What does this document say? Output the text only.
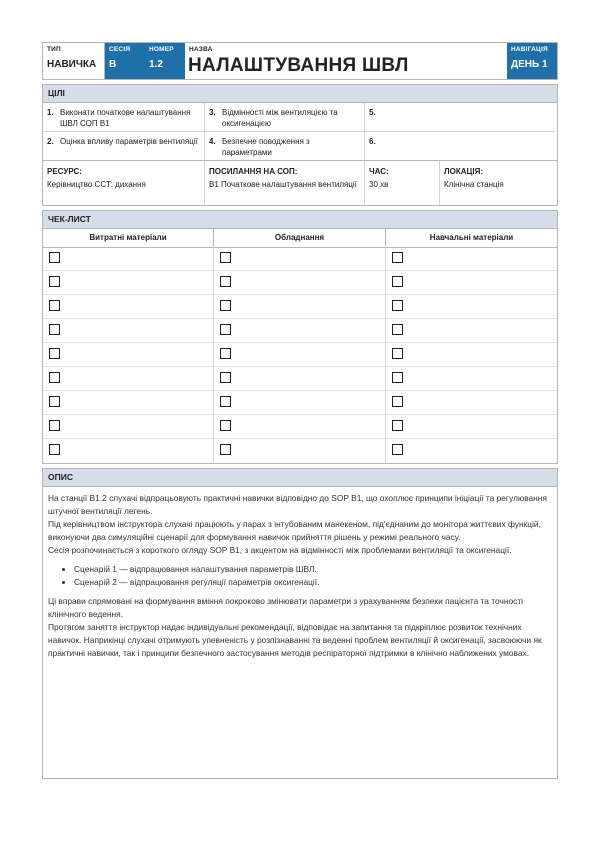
ТИП
НАВИЧКА
СЕСІЯ
B
НОМЕР
1.2
НАЗВА
НАЛАШТУВАННЯ ШВЛ
НАВІГАЦІЯ
ДЕНЬ 1
ЦІЛІ
1. Виконати початкове налаштування ШВЛ СОП B1
3. Відмінності між вентиляцією та оксигенацією
5.
2. Оцінка впливу параметрів вентиляції 4. Безпечне поводження з параметрами
6.
РЕСУРС:
Керівництво ССТ: дихання
ПОСИЛАННЯ НА СОП:
B1 Початкове налаштування вентиляції
ЧАС:
30 хв
ЛОКАЦІЯ:
Клінічна станція
ЧЕК-ЛИСТ
Витратні матеріали	Обладнання	Навчальні матеріали
ОПИС

На станції B1.2 слухачі відпрацьовують практичні навички відповідно до SOP B1, що охоплює принципи ініціації та регулювання штучної вентиляції легень.

Під керівництвом інструктора слухачі працюють у парах з інтубованим манекеном, під'єднаним до монітора життєвих функцій, виконуючи два симуляційні сценарії для формування навичок прийняття рішень у режимі реального часу.

Сесія розпочинається з короткого огляду SOP B1, з акцентом на відмінності між проблемами вентиляції та оксигенації.

• Сценарій 1 — відпрацювання налаштування параметрів ШВЛ.
• Сценарій 2 — відпрацювання регуляції параметрів оксигенації.

Ці вправи спрямовані на формування вміння покроково змінювати параметри з урахуванням безпеки пацієнта та точності клінічного ведення.

Протягом заняття інструктор надає індивідуальні рекомендації, відповідає на запитання та підкріплює розвиток технічних навичок. Наприкінці слухачі отримують упевненість у розпізнаванні та веденні проблем вентиляції й оксигенації, засвоюючи як практичні навички, так і принципи безпечного застосування методів респіраторної підтримки в клінічно наближених умовах.
